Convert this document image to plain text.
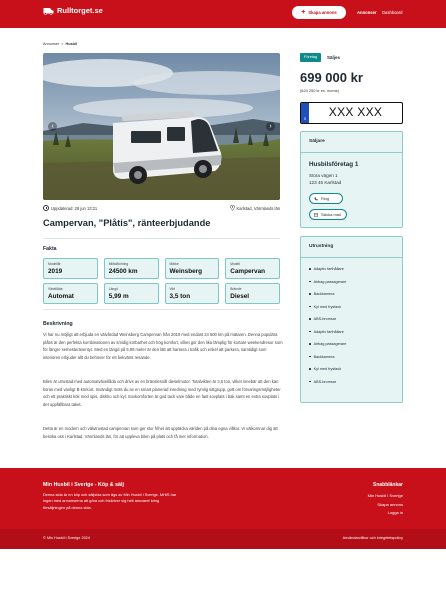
Rulltorget.se	+ Skapa annons	Annonser Dashboard
Annonser > Husbil
‹	›
Uppdaterad: 28 jun 13:21	Karlstad, Värmlands län
Campervan, "Plåtis", ränteerbjudande
Fakta
Modellår
2019
Miltal/körning
24500 km
Märke
Weinsberg
Modell
Campervan
Växellåda
Automat
Längd
5,99 m
Vikt
3,5 ton
Bränsle
Diesel
Beskrivning

Vi har nu möjligt att erbjuda en välvårdad Weinsberg Campervan från 2019 med endast 24 500 km på mätaren. Denna populära plåtis är den perfekta kombinationen av smidig körbarhet och hög komfort, vilket gör den lika lämplig för kortare weekendresor som för längre semesteräventyr. Med en längd på 5,99 meter är den lätt att hantera i trafik och enkel att parkera, samtidigt som interiören erbjuder allt du behöver för ett bekvämt resande.

Bilen är utrustad med automatväxellåda och drivs av en bränslesnål dieselmotor. Totalvikten är 3,5 ton, vilket innebär att den kan köras med vanligt B-körkort. Invändigt möts du av en smart planerad inredning med rymlig sittgrupp, gott om förvaringsmöjligheter och ett praktiskt kök med spis, diskho och kyl. Sovkomforten är god tack vare både en fast sovplats i bak samt en extra sovplats i det uppfällbara taket.

Detta är en modern och välutrustad campervan som ger stor frihet att upptäcka världen på dina egna villkor. Vi välkomnar dig att besöka oss i Karlstad, Värmlands län, för att uppleva bilen på plats och få mer information.

Företag	Säljes
699 000 kr
(624 250 kr ex. moms)
S	XXX XXX
Säljare
Husbilsföretag 1
Stora vägen 1
123 45 Karlstad
Ring
Skicka mail
Utrustning
Adaptiv farthållare
Airbag passagerare
Backkamera
Kyl med frysfack
ABS-bromsar
Adaptiv farthållare
Airbag passagerare
Backkamera
Kyl med frysfack
ABS-bromsar
Min Husbil i Sverige - Köp & sälj

Denna sida är en köp och säljsida som ägs av Min Husbil i Sverige. MHiS har ingen med annonserna att göra och friskriver sig helt ansvaret kring försäljningen på denna sida.

Snabblänkar
Min Husbil i Sverige
Skapa annons
Logga in
© Min Husbil i Sverige 2024	Användarvillkor och integritetspolicy
